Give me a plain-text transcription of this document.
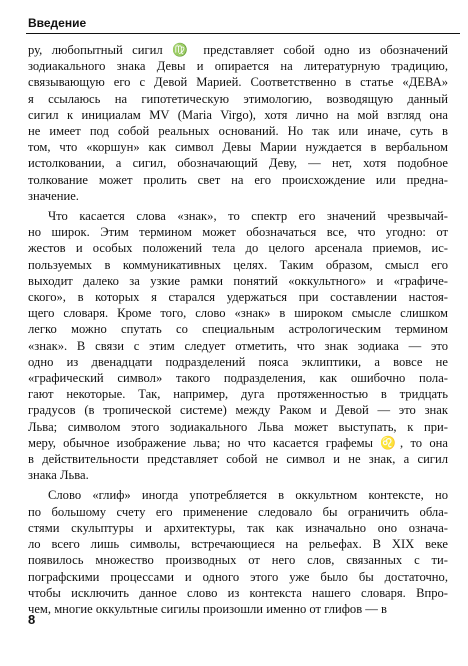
Введение

ру, любопытный сигил ♍ представляет собой одно из обозначений
зодиакального знака Девы и опирается на литературную традицию,
связывающую его с Девой Марией. Соответственно в статье «ДЕВА»
я ссылаюсь на гипотетическую этимологию, возводящую данный
сигил к инициалам MV (Maria Virgo), хотя лично на мой взгляд она
не имеет под собой реальных оснований. Но так или иначе, суть в
том, что «коршун» как символ Девы Марии нуждается в вербальном
истолковании, а сигил, обозначающий Деву, — нет, хотя подобное
толкование может пролить свет на его происхождение или предна-
значение.

Что касается слова «знак», то спектр его значений чрезвычай-
но широк. Этим термином может обозначаться все, что угодно: от
жестов и особых положений тела до целого арсенала приемов, ис-
пользуемых в коммуникативных целях. Таким образом, смысл его
выходит далеко за узкие рамки понятий «оккультного» и «графиче-
ского», в которых я старался удержаться при составлении настоя-
щего словаря. Кроме того, слово «знак» в широком смысле слишком
легко можно спутать со специальным астрологическим термином
«знак». В связи с этим следует отметить, что знак зодиака — это
одно из двенадцати подразделений пояса эклиптики, а вовсе не
«графический символ» такого подразделения, как ошибочно пола-
гают некоторые. Так, например, дуга протяженностью в тридцать
градусов (в тропической системе) между Раком и Девой — это знак
Льва; символом этого зодиакального Льва может выступать, к при-
меру, обычное изображение льва; но что касается графемы ♌, то она
в действительности представляет собой не символ и не знак, а сигил
знака Льва.

Слово «глиф» иногда употребляется в оккультном контексте, но
по большому счету его применение следовало бы ограничить обла-
стями скульптуры и архитектуры, так как изначально оно означа-
ло всего лишь символы, встречающиеся на рельефах. В XIX веке
появилось множество производных от него слов, связанных с ти-
пографскими процессами и одного этого уже было бы достаточно,
чтобы исключить данное слово из контекста нашего словаря. Впро-
чем, многие оккультные сигилы произошли именно от глифов — в

8
